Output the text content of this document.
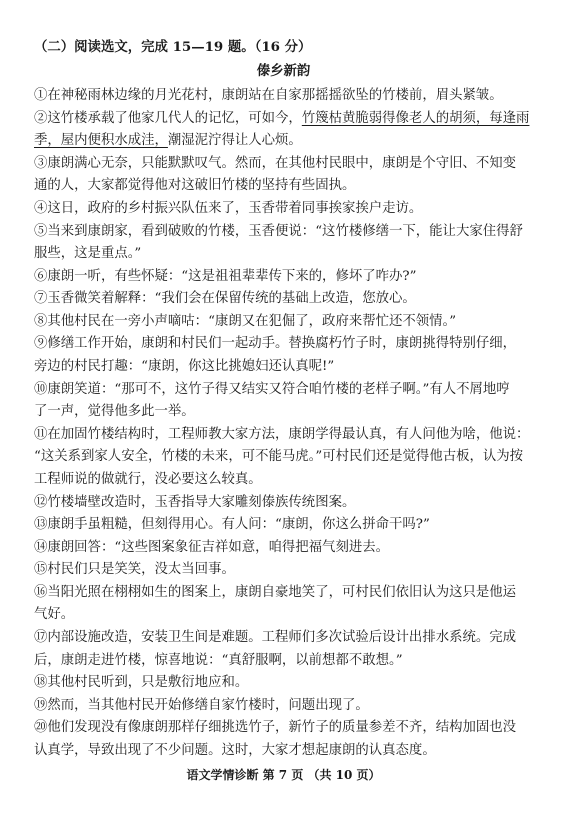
（二）阅读选文，完成 15—19 题。（16 分）
傣乡新韵
①在神秘雨林边缘的月光花村，康朗站在自家那摇摇欲坠的竹楼前，眉头紧皱。
②这竹楼承载了他家几代人的记忆，可如今，竹篾枯黄脆弱得像老人的胡须，每逢雨
季，屋内便积水成洼，潮湿泥泞得让人心烦。
③康朗满心无奈，只能默默叹气。然而，在其他村民眼中，康朗是个守旧、不知变
通的人，大家都觉得他对这破旧竹楼的坚持有些固执。
④这日，政府的乡村振兴队伍来了，玉香带着同事挨家挨户走访。
⑤当来到康朗家，看到破败的竹楼，玉香便说：“这竹楼修缮一下，能让大家住得舒
服些，这是重点。”
⑥康朗一听，有些怀疑：“这是祖祖辈辈传下来的，修坏了咋办?”
⑦玉香微笑着解释：“我们会在保留传统的基础上改造，您放心。
⑧其他村民在一旁小声嘀咕：“康朗又在犯倔了，政府来帮忙还不领情。”
⑨修缮工作开始，康朗和村民们一起动手。替换腐朽竹子时，康朗挑得特别仔细，
旁边的村民打趣：“康朗，你这比挑媳妇还认真呢!”
⑩康朗笑道：“那可不，这竹子得又结实又符合咱竹楼的老样子啊。”有人不屑地哼
了一声，觉得他多此一举。
⑪在加固竹楼结构时，工程师教大家方法，康朗学得最认真，有人问他为啥，他说：
“这关系到家人安全，竹楼的未来，可不能马虎。”可村民们还是觉得他古板，认为按
工程师说的做就行，没必要这么较真。
⑫竹楼墙壁改造时，玉香指导大家雕刻傣族传统图案。
⑬康朗手虽粗糙，但刻得用心。有人问：“康朗，你这么拼命干吗?”
⑭康朗回答：“这些图案象征吉祥如意，咱得把福气刻进去。
⑮村民们只是笑笑，没太当回事。
⑯当阳光照在栩栩如生的图案上，康朗自豪地笑了，可村民们依旧认为这只是他运
气好。
⑰内部设施改造，安装卫生间是难题。工程师们多次试验后设计出排水系统。完成
后，康朗走进竹楼，惊喜地说：“真舒服啊，以前想都不敢想。”
⑱其他村民听到，只是敷衍地应和。
⑲然而，当其他村民开始修缮自家竹楼时，问题出现了。
⑳他们发现没有像康朗那样仔细挑选竹子，新竹子的质量参差不齐，结构加固也没
认真学，导致出现了不少问题。这时，大家才想起康朗的认真态度。
语文学情诊断 第 7 页 （共 10 页）
